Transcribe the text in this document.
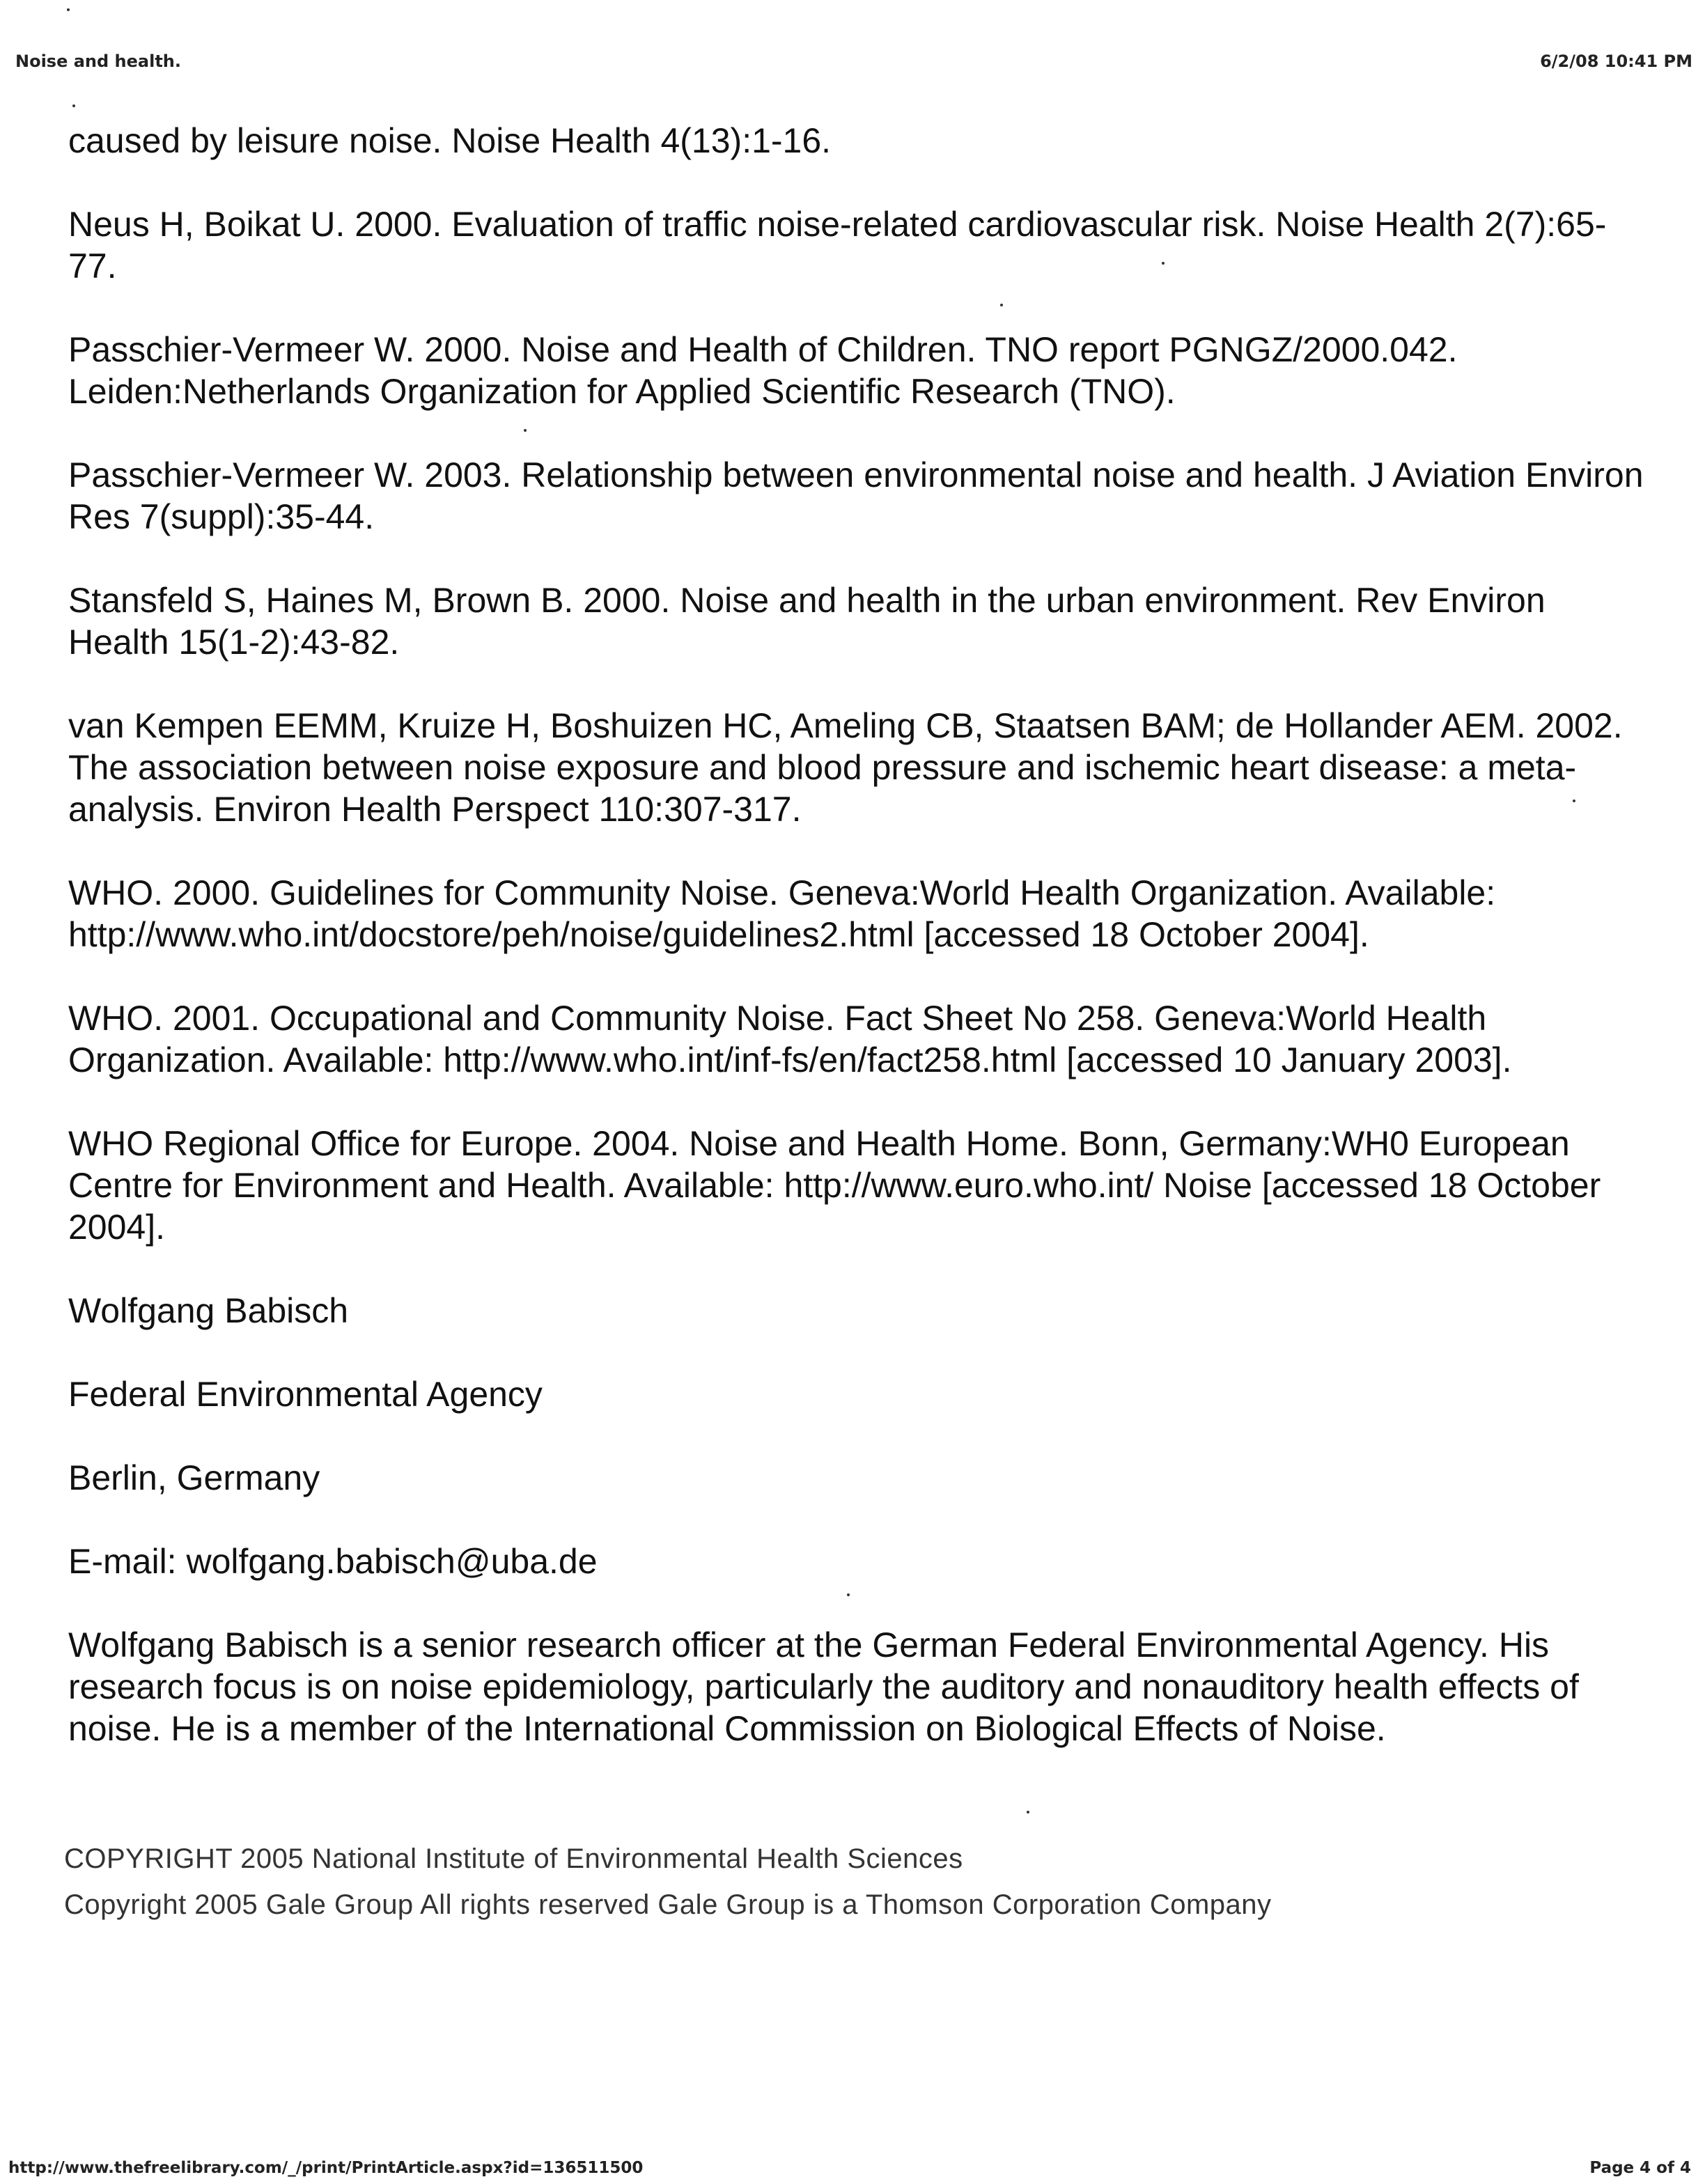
Noise and health.	6/2/08 10:41 PM
caused by leisure noise. Noise Health 4(13):1-16.
Neus H, Boikat U. 2000. Evaluation of traffic noise-related cardiovascular risk. Noise Health 2(7):65-77.
Passchier-Vermeer W. 2000. Noise and Health of Children. TNO report PGNGZ/2000.042. Leiden:Netherlands Organization for Applied Scientific Research (TNO).
Passchier-Vermeer W. 2003. Relationship between environmental noise and health. J Aviation Environ Res 7(suppl):35-44.
Stansfeld S, Haines M, Brown B. 2000. Noise and health in the urban environment. Rev Environ Health 15(1-2):43-82.
van Kempen EEMM, Kruize H, Boshuizen HC, Ameling CB, Staatsen BAM; de Hollander AEM. 2002. The association between noise exposure and blood pressure and ischemic heart disease: a meta-analysis. Environ Health Perspect 110:307-317.
WHO. 2000. Guidelines for Community Noise. Geneva:World Health Organization. Available: http://www.who.int/docstore/peh/noise/guidelines2.html [accessed 18 October 2004].
WHO. 2001. Occupational and Community Noise. Fact Sheet No 258. Geneva:World Health Organization. Available: http://www.who.int/inf-fs/en/fact258.html [accessed 10 January 2003].
WHO Regional Office for Europe. 2004. Noise and Health Home. Bonn, Germany:WH0 European Centre for Environment and Health. Available: http://www.euro.who.int/ Noise [accessed 18 October 2004].
Wolfgang Babisch
Federal Environmental Agency
Berlin, Germany
E-mail: wolfgang.babisch@uba.de
Wolfgang Babisch is a senior research officer at the German Federal Environmental Agency. His research focus is on noise epidemiology, particularly the auditory and nonauditory health effects of noise. He is a member of the International Commission on Biological Effects of Noise.
COPYRIGHT 2005 National Institute of Environmental Health Sciences
Copyright 2005 Gale Group All rights reserved Gale Group is a Thomson Corporation Company
http://www.thefreelibrary.com/_/print/PrintArticle.aspx?id=136511500	Page 4 of 4
